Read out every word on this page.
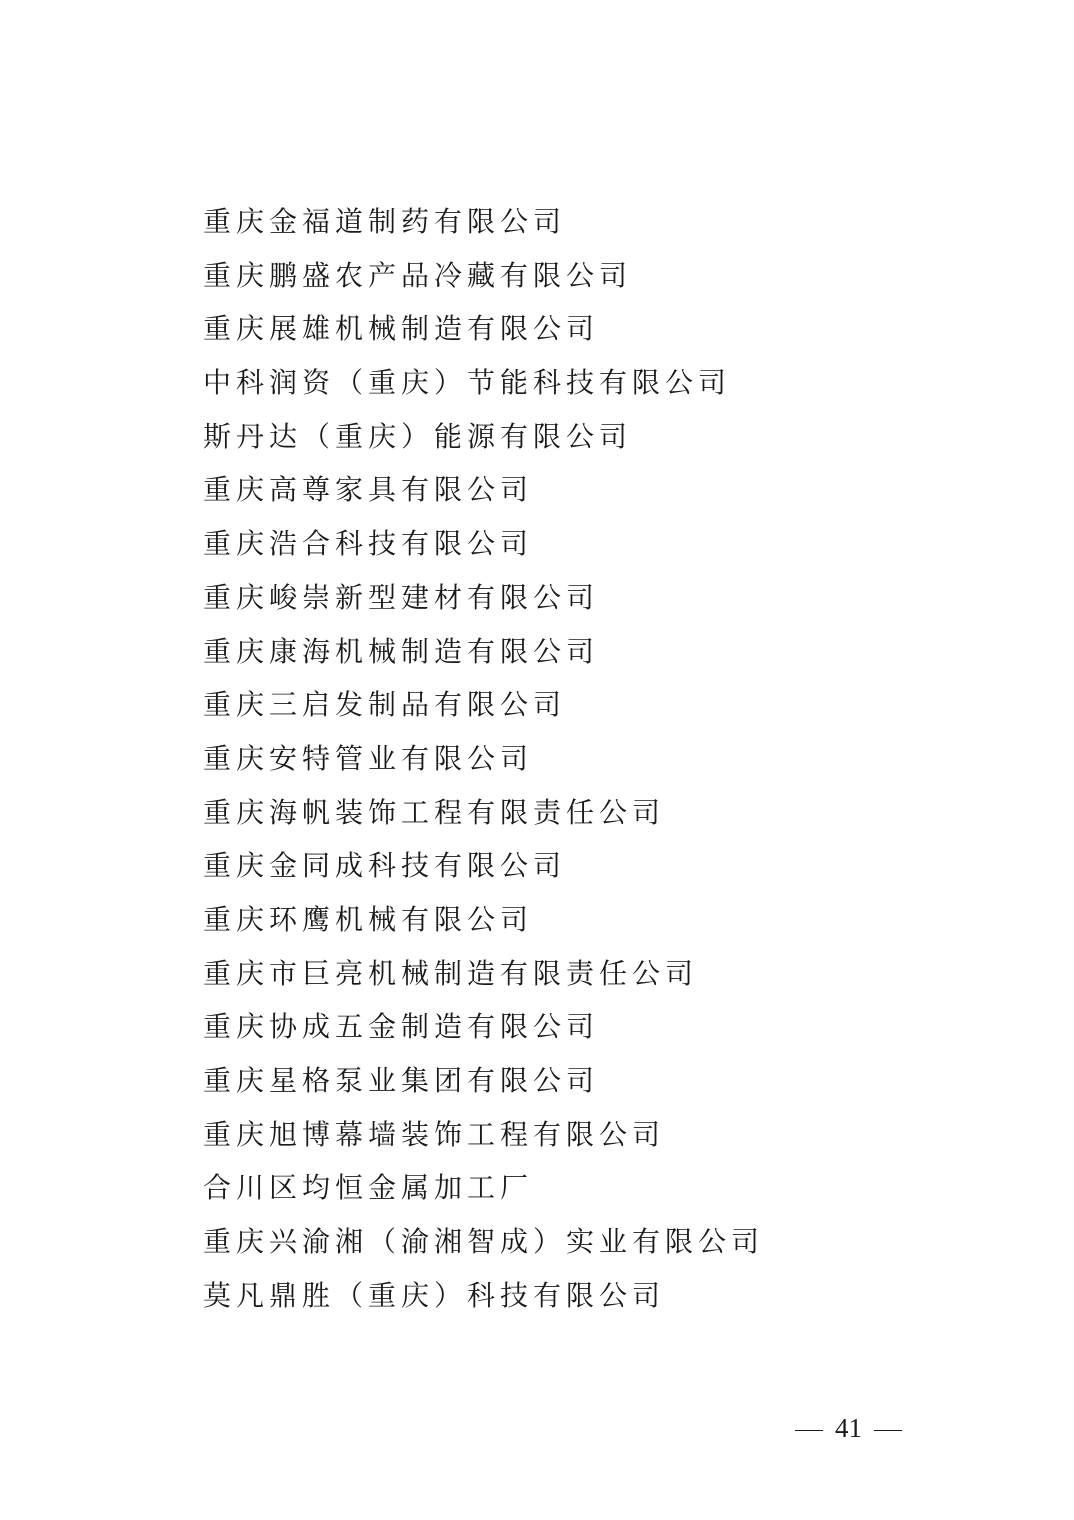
重庆金福道制药有限公司
重庆鹏盛农产品冷藏有限公司
重庆展雄机械制造有限公司
中科润资（重庆）节能科技有限公司
斯丹达（重庆）能源有限公司
重庆高尊家具有限公司
重庆浩合科技有限公司
重庆峻崇新型建材有限公司
重庆康海机械制造有限公司
重庆三启发制品有限公司
重庆安特管业有限公司
重庆海帆装饰工程有限责任公司
重庆金同成科技有限公司
重庆环鹰机械有限公司
重庆市巨亮机械制造有限责任公司
重庆协成五金制造有限公司
重庆星格泵业集团有限公司
重庆旭博幕墙装饰工程有限公司
合川区均恒金属加工厂
重庆兴渝湘（渝湘智成）实业有限公司
莫凡鼎胜（重庆）科技有限公司
41
